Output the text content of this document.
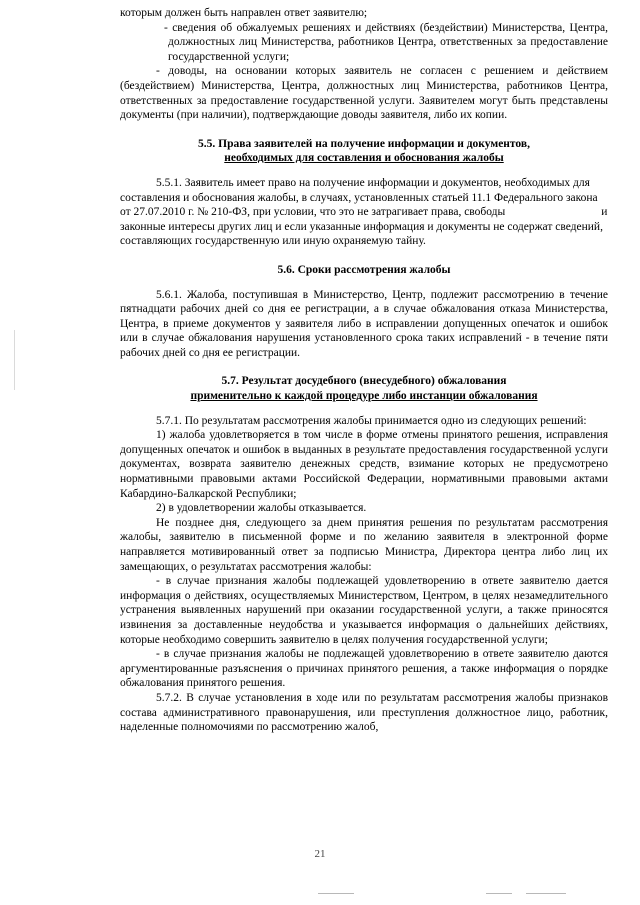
которым должен быть направлен ответ заявителю;

- сведения об обжалуемых решениях и действиях (бездействии) Министерства, Центра, должностных лиц Министерства, работников Центра, ответственных за предоставление государственной услуги;

- доводы, на основании которых заявитель не согласен с решением и действием (бездействием) Министерства, Центра, должностных лиц Министерства, работников Центра, ответственных за предоставление государственной услуги. Заявителем могут быть представлены документы (при наличии), подтверждающие доводы заявителя, либо их копии.

5.5. Права заявителей на получение информации и документов,
необходимых для составления и обоснования жалобы

5.5.1. Заявитель имеет право на получение информации и документов, необходимых для составления и обоснования жалобы, в случаях, установленных статьей 11.1 Федерального закона от 27.07.2010 г. № 210-ФЗ, при условии, что это не затрагивает права, свободы	и законные интересы других лиц и если указанные информация и документы не содержат сведений, составляющих государственную или иную охраняемую тайну.

5.6. Сроки рассмотрения жалобы

5.6.1. Жалоба, поступившая в Министерство, Центр, подлежит рассмотрению в течение пятнадцати рабочих дней со дня ее регистрации, а в случае обжалования отказа Министерства, Центра, в приеме документов у заявителя либо в исправлении допущенных опечаток и ошибок или в случае обжалования нарушения установленного срока таких исправлений - в течение пяти рабочих дней со дня ее регистрации.

5.7. Результат досудебного (внесудебного) обжалования
применительно к каждой процедуре либо инстанции обжалования

5.7.1. По результатам рассмотрения жалобы принимается одно из следующих решений:

1) жалоба удовлетворяется в том числе в форме отмены принятого решения, исправления допущенных опечаток и ошибок в выданных в результате предоставления государственной услуги документах, возврата заявителю денежных средств, взимание которых не предусмотрено нормативными правовыми актами Российской Федерации, нормативными правовыми актами Кабардино-Балкарской Республики;

2) в удовлетворении жалобы отказывается.

Не позднее дня, следующего за днем принятия решения по результатам рассмотрения жалобы, заявителю в письменной форме и по желанию заявителя в электронной форме направляется мотивированный ответ за подписью Министра, Директора центра либо лиц их замещающих, о результатах рассмотрения жалобы:

- в случае признания жалобы подлежащей удовлетворению в ответе заявителю дается информация о действиях, осуществляемых Министерством, Центром, в целях незамедлительного устранения выявленных нарушений при оказании государственной услуги, а также приносятся извинения за доставленные неудобства и указывается информация о дальнейших действиях, которые необходимо совершить заявителю в целях получения государственной услуги;

- в случае признания жалобы не подлежащей удовлетворению в ответе заявителю даются аргументированные разъяснения о причинах принятого решения, а также информация о порядке обжалования принятого решения.

5.7.2. В случае установления в ходе или по результатам рассмотрения жалобы признаков состава административного правонарушения, или преступления должностное лицо, работник, наделенные полномочиями по рассмотрению жалоб,

21
